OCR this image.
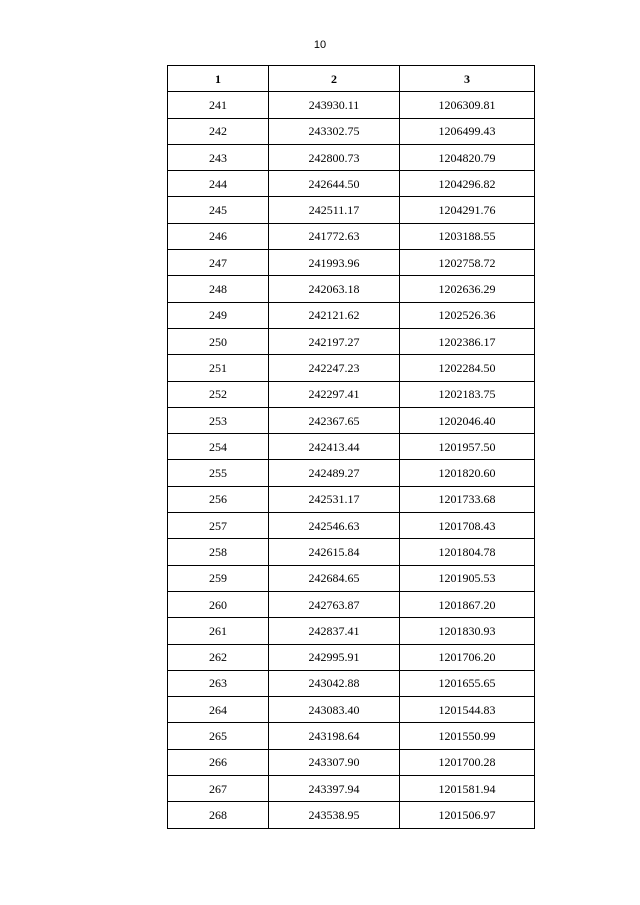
10
1	2	3
241	243930.11	1206309.81
242	243302.75	1206499.43
243	242800.73	1204820.79
244	242644.50	1204296.82
245	242511.17	1204291.76
246	241772.63	1203188.55
247	241993.96	1202758.72
248	242063.18	1202636.29
249	242121.62	1202526.36
250	242197.27	1202386.17
251	242247.23	1202284.50
252	242297.41	1202183.75
253	242367.65	1202046.40
254	242413.44	1201957.50
255	242489.27	1201820.60
256	242531.17	1201733.68
257	242546.63	1201708.43
258	242615.84	1201804.78
259	242684.65	1201905.53
260	242763.87	1201867.20
261	242837.41	1201830.93
262	242995.91	1201706.20
263	243042.88	1201655.65
264	243083.40	1201544.83
265	243198.64	1201550.99
266	243307.90	1201700.28
267	243397.94	1201581.94
268	243538.95	1201506.97
